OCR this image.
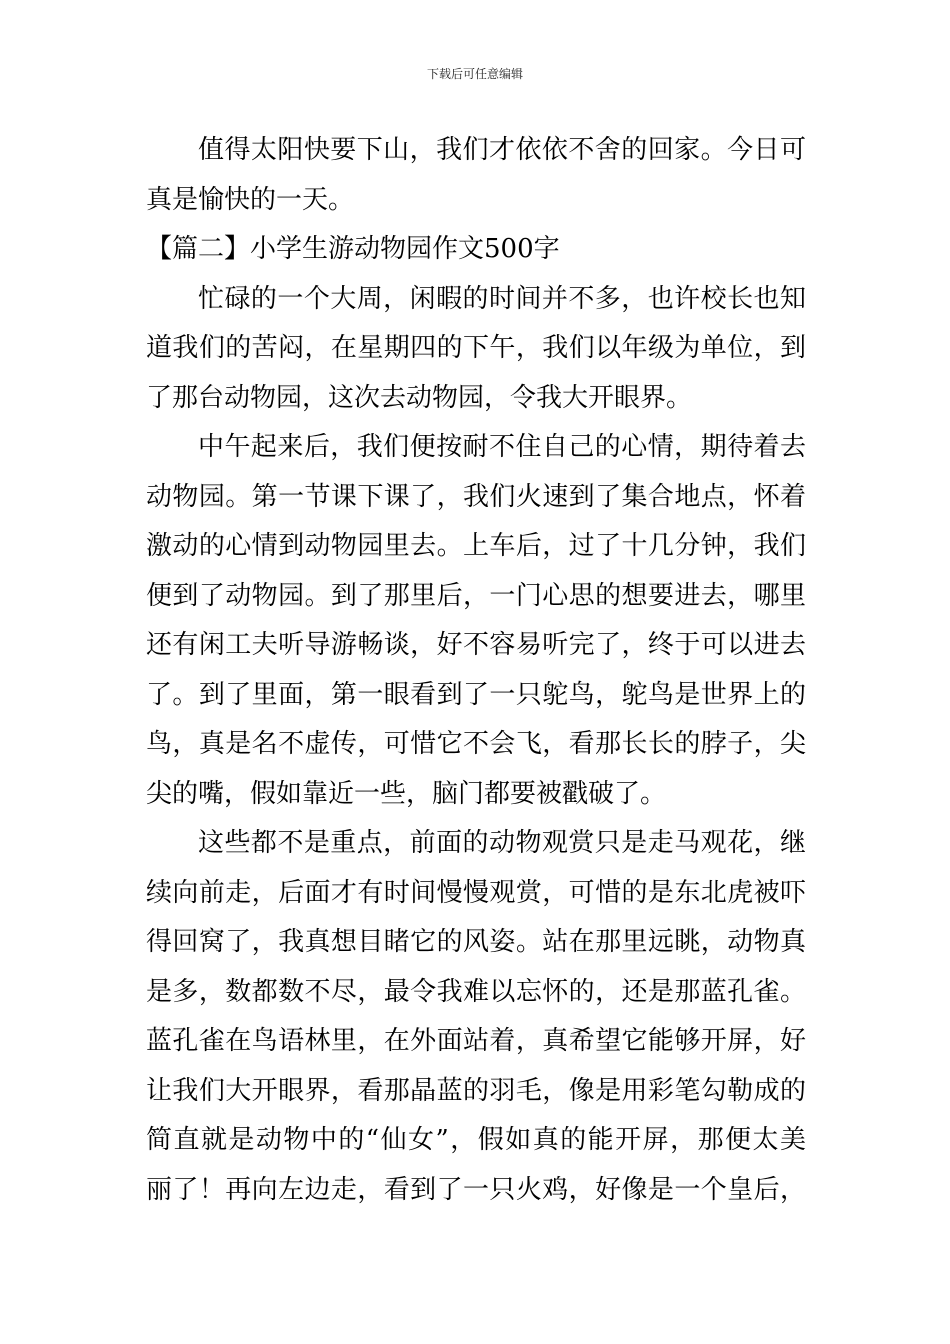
下载后可任意编辑
值得太阳快要下山，我们才依依不舍的回家。今日可
真是愉快的一天。
【篇二】小学生游动物园作文500字
忙碌的一个大周，闲暇的时间并不多，也许校长也知
道我们的苦闷，在星期四的下午，我们以年级为单位，到
了那台动物园，这次去动物园，令我大开眼界。
中午起来后，我们便按耐不住自己的心情，期待着去
动物园。第一节课下课了，我们火速到了集合地点，怀着
激动的心情到动物园里去。上车后，过了十几分钟，我们
便到了动物园。到了那里后，一门心思的想要进去，哪里
还有闲工夫听导游畅谈，好不容易听完了，终于可以进去
了。到了里面，第一眼看到了一只鸵鸟，鸵鸟是世界上的
鸟，真是名不虚传，可惜它不会飞，看那长长的脖子，尖
尖的嘴，假如靠近一些，脑门都要被戳破了。
这些都不是重点，前面的动物观赏只是走马观花，继
续向前走，后面才有时间慢慢观赏，可惜的是东北虎被吓
得回窝了，我真想目睹它的风姿。站在那里远眺，动物真
是多，数都数不尽，最令我难以忘怀的，还是那蓝孔雀。
蓝孔雀在鸟语林里，在外面站着，真希望它能够开屏，好
让我们大开眼界，看那晶蓝的羽毛，像是用彩笔勾勒成的
简直就是动物中的“仙女”，假如真的能开屏，那便太美
丽了！再向左边走，看到了一只火鸡，好像是一个皇后，
